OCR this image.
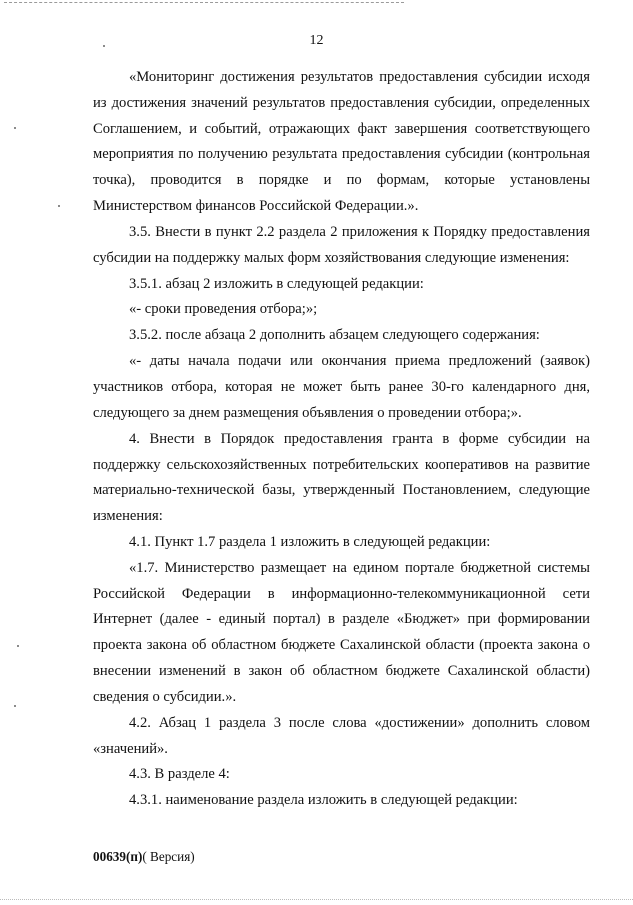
12

«Мониторинг достижения результатов предоставления субсидии исходя из достижения значений результатов предоставления субсидии, определенных Соглашением, и событий, отражающих факт завершения соответствующего мероприятия по получению результата предоставления субсидии (контрольная точка), проводится в порядке и по формам, которые установлены Министерством финансов Российской Федерации.».

3.5. Внести в пункт 2.2 раздела 2 приложения к Порядку предоставления субсидии на поддержку малых форм хозяйствования следующие изменения:

3.5.1. абзац 2 изложить в следующей редакции:

«- сроки проведения отбора;»;

3.5.2. после абзаца 2 дополнить абзацем следующего содержания:

«- даты начала подачи или окончания приема предложений (заявок) участников отбора, которая не может быть ранее 30-го календарного дня, следующего за днем размещения объявления о проведении отбора;».

4. Внести в Порядок предоставления гранта в форме субсидии на поддержку сельскохозяйственных потребительских кооперативов на развитие материально-технической базы, утвержденный Постановлением, следующие изменения:

4.1. Пункт 1.7 раздела 1 изложить в следующей редакции:

«1.7. Министерство размещает на едином портале бюджетной системы Российской Федерации в информационно-телекоммуникационной сети Интернет (далее - единый портал) в разделе «Бюджет» при формировании проекта закона об областном бюджете Сахалинской области (проекта закона о внесении изменений в закон об областном бюджете Сахалинской области) сведения о субсидии.».

4.2. Абзац 1 раздела 3 после слова «достижении» дополнить словом «значений».

4.3. В разделе 4:

4.3.1. наименование раздела изложить в следующей редакции:

00639(п)( Версия)
